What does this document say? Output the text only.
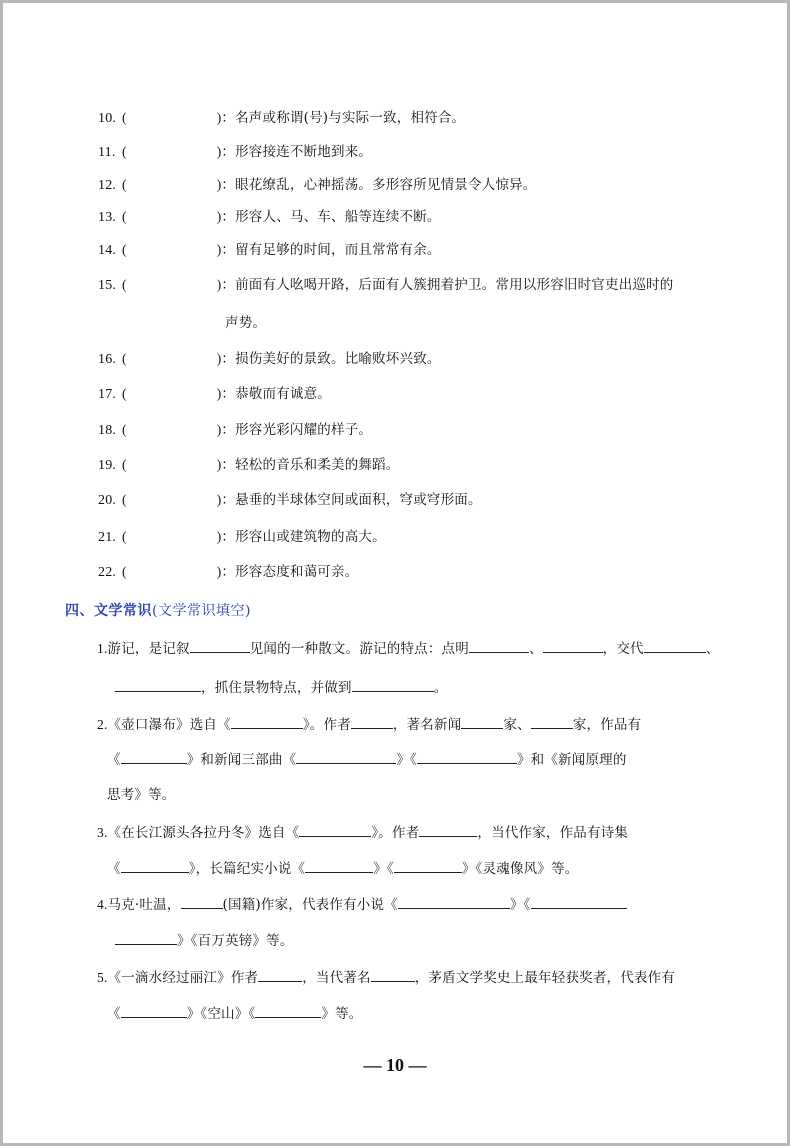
10. (	)：名声或称谓(号)与实际一致，相符合。
11. (	)：形容接连不断地到来。
12. (	)：眼花缭乱，心神摇荡。多形容所见情景令人惊异。
13. (	)：形容人、马、车、船等连续不断。
14. (	)：留有足够的时间，而且常常有余。
15. (	)：前面有人吆喝开路，后面有人簇拥着护卫。常用以形容旧时官吏出巡时的
声势。
16. (	)：损伤美好的景致。比喻败坏兴致。
17. (	)：恭敬而有诚意。
18. (	)：形容光彩闪耀的样子。
19. (	)：轻松的音乐和柔美的舞蹈。
20. (	)：悬垂的半球体空间或面积，穹或穹形面。
21. (	)：形容山或建筑物的高大。
22. (	)：形容态度和蔼可亲。
四、文学常识(文学常识填空)
1.游记，是记叙	见闻的一种散文。游记的特点：点明	、	，交代	、
，抓住景物特点，并做到	。
2.《壶口瀑布》选自《	》。作者	，著名新闻	家、	家，作品有
《	》和新闻三部曲《	》《	》和《新闻原理的
思考》等。
3.《在长江源头各拉丹冬》选自《	》。作者	，当代作家，作品有诗集
《	》，长篇纪实小说《	》《	》《灵魂像风》等。
4.马克·吐温，	(国籍)作家，代表作有小说《	》《
》《百万英镑》等。
5.《一滴水经过丽江》作者	，当代著名	，茅盾文学奖史上最年轻获奖者，代表作有
《	》《空山》《	》等。
— 10 —
